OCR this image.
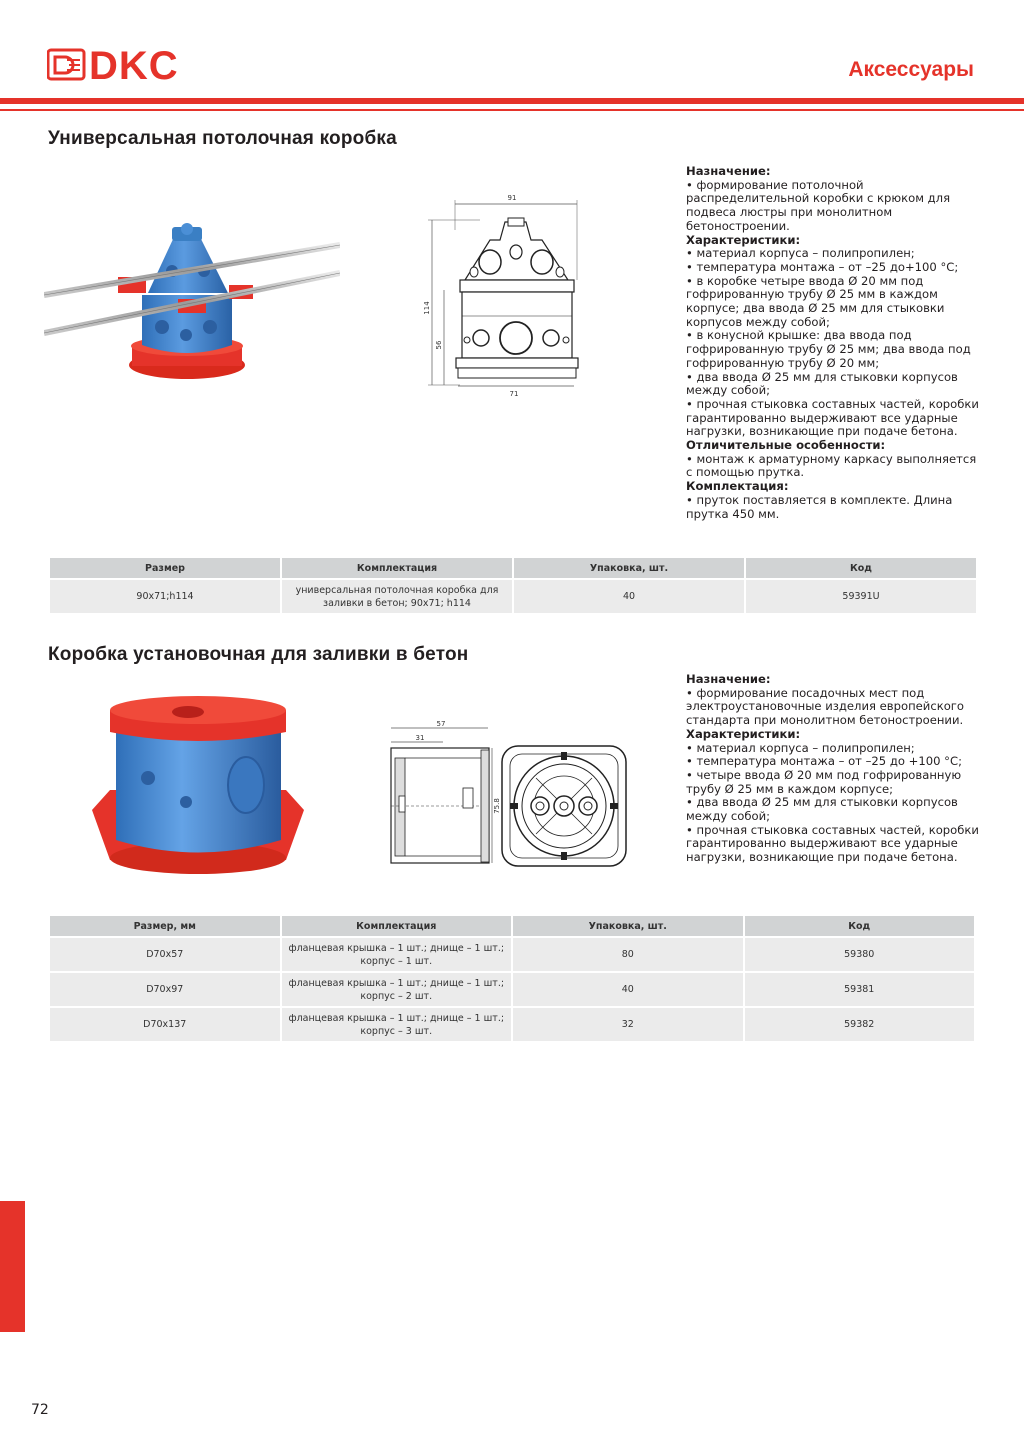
DKC	Аксессуары
Универсальная потолочная коробка
91
114
56
71
Назначение:
• формирование потолочной распределительной коробки с крюком для подвеса люстры при монолитном бетоностроении.
Характеристики:
• материал корпуса – полипропилен;
• температура монтажа – от –25 до+100 °С;
• в коробке четыре ввода Ø 20 мм под гофрированную трубу Ø 25 мм в каждом корпусе; два ввода Ø 25 мм для стыковки корпусов между собой;
• в конусной крышке: два ввода под гофрированную трубу Ø 25 мм; два ввода под гофрированную трубу Ø 20 мм;
• два ввода Ø 25 мм для стыковки корпусов между собой;
• прочная стыковка составных частей, коробки гарантированно выдерживают все ударные нагрузки, возникающие при подаче бетона.
Отличительные особенности:
• монтаж к арматурному каркасу выполняется с помощью прутка.
Комплектация:
• пруток поставляется в комплекте. Длина прутка 450 мм.
Размер	Комплектация	Упаковка, шт.	Код
90x71;h114	универсальная потолочная коробка для заливки в бетон; 90x71; h114	40	59391U
Коробка установочная для заливки в бетон
57
31
75.8
Назначение:
• формирование посадочных мест под электроустановочные изделия европейского стандарта при монолитном бетоностроении.
Характеристики:
• материал корпуса – полипропилен;
• температура монтажа – от –25 до +100 °С;
• четыре ввода Ø 20 мм под гофрированную трубу Ø 25 мм в каждом корпусе;
• два ввода Ø 25 мм для стыковки корпусов между собой;
• прочная стыковка составных частей, коробки гарантированно выдерживают все ударные нагрузки, возникающие при подаче бетона.
Размер, мм	Комплектация	Упаковка, шт.	Код
D70x57	фланцевая крышка – 1 шт.; днище – 1 шт.; корпус – 1 шт.	80	59380
D70x97	фланцевая крышка – 1 шт.; днище – 1 шт.; корпус – 2 шт.	40	59381
D70x137	фланцевая крышка – 1 шт.; днище – 1 шт.; корпус – 3 шт.	32	59382
72
